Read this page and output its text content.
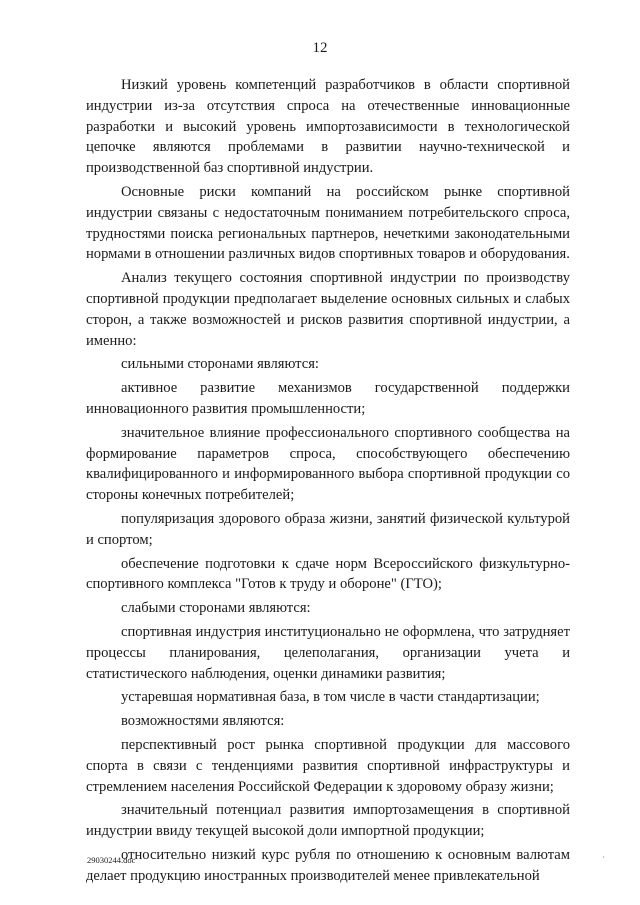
12

Низкий уровень компетенций разработчиков в области спортивной индустрии из-за отсутствия спроса на отечественные инновационные разработки и высокий уровень импортозависимости в технологической цепочке являются проблемами в развитии научно-технической и производственной баз спортивной индустрии.

Основные риски компаний на российском рынке спортивной индустрии связаны с недостаточным пониманием потребительского спроса, трудностями поиска региональных партнеров, нечеткими законодательными нормами в отношении различных видов спортивных товаров и оборудования.

Анализ текущего состояния спортивной индустрии по производству спортивной продукции предполагает выделение основных сильных и слабых сторон, а также возможностей и рисков развития спортивной индустрии, а именно:

сильными сторонами являются:

активное развитие механизмов государственной поддержки инновационного развития промышленности;

значительное влияние профессионального спортивного сообщества на формирование параметров спроса, способствующего обеспечению квалифицированного и информированного выбора спортивной продукции со стороны конечных потребителей;

популяризация здорового образа жизни, занятий физической культурой и спортом;

обеспечение подготовки к сдаче норм Всероссийского физкультурно-спортивного комплекса "Готов к труду и обороне" (ГТО);

слабыми сторонами являются:

спортивная индустрия институционально не оформлена, что затрудняет процессы планирования, целеполагания, организации учета и статистического наблюдения, оценки динамики развития;

устаревшая нормативная база, в том числе в части стандартизации;

возможностями являются:

перспективный рост рынка спортивной продукции для массового спорта в связи с тенденциями развития спортивной инфраструктуры и стремлением населения Российской Федерации к здоровому образу жизни;

значительный потенциал развития импортозамещения в спортивной индустрии ввиду текущей высокой доли импортной продукции;

относительно низкий курс рубля по отношению к основным валютам делает продукцию иностранных производителей менее привлекательной

29030244.doc	·
